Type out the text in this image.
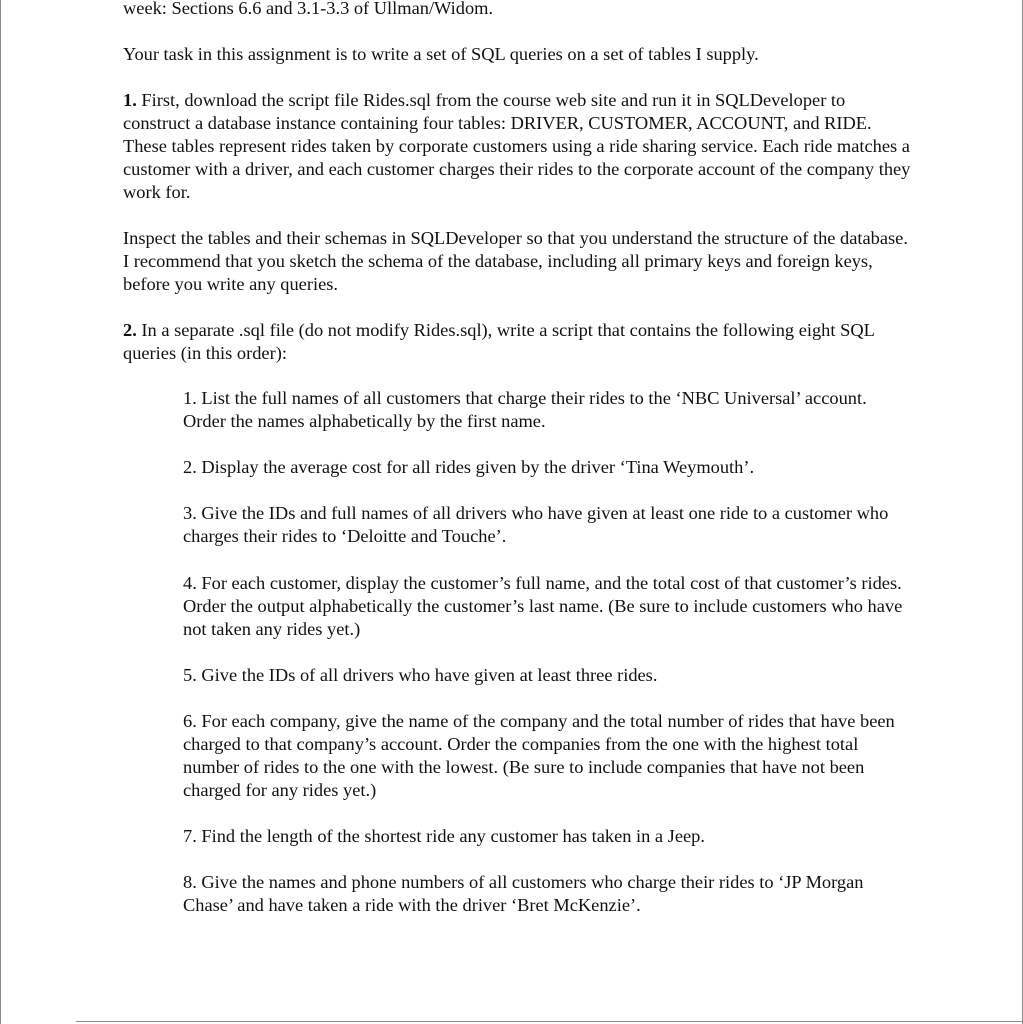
week: Sections 6.6 and 3.1-3.3 of Ullman/Widom.

Your task in this assignment is to write a set of SQL queries on a set of tables I supply.

1. First, download the script file Rides.sql from the course web site and run it in SQLDeveloper to construct a database instance containing four tables: DRIVER, CUSTOMER, ACCOUNT, and RIDE. These tables represent rides taken by corporate customers using a ride sharing service. Each ride matches a customer with a driver, and each customer charges their rides to the corporate account of the company they work for.

Inspect the tables and their schemas in SQLDeveloper so that you understand the structure of the database. I recommend that you sketch the schema of the database, including all primary keys and foreign keys, before you write any queries.

2. In a separate .sql file (do not modify Rides.sql), write a script that contains the following eight SQL queries (in this order):

1. List the full names of all customers that charge their rides to the ‘NBC Universal’ account. Order the names alphabetically by the first name.

2. Display the average cost for all rides given by the driver ‘Tina Weymouth’.

3. Give the IDs and full names of all drivers who have given at least one ride to a customer who charges their rides to ‘Deloitte and Touche’.

4. For each customer, display the customer’s full name, and the total cost of that customer’s rides. Order the output alphabetically the customer’s last name. (Be sure to include customers who have not taken any rides yet.)

5. Give the IDs of all drivers who have given at least three rides.

6. For each company, give the name of the company and the total number of rides that have been charged to that company’s account. Order the companies from the one with the highest total number of rides to the one with the lowest. (Be sure to include companies that have not been charged for any rides yet.)

7. Find the length of the shortest ride any customer has taken in a Jeep.

8. Give the names and phone numbers of all customers who charge their rides to ‘JP Morgan Chase’ and have taken a ride with the driver ‘Bret McKenzie’.
